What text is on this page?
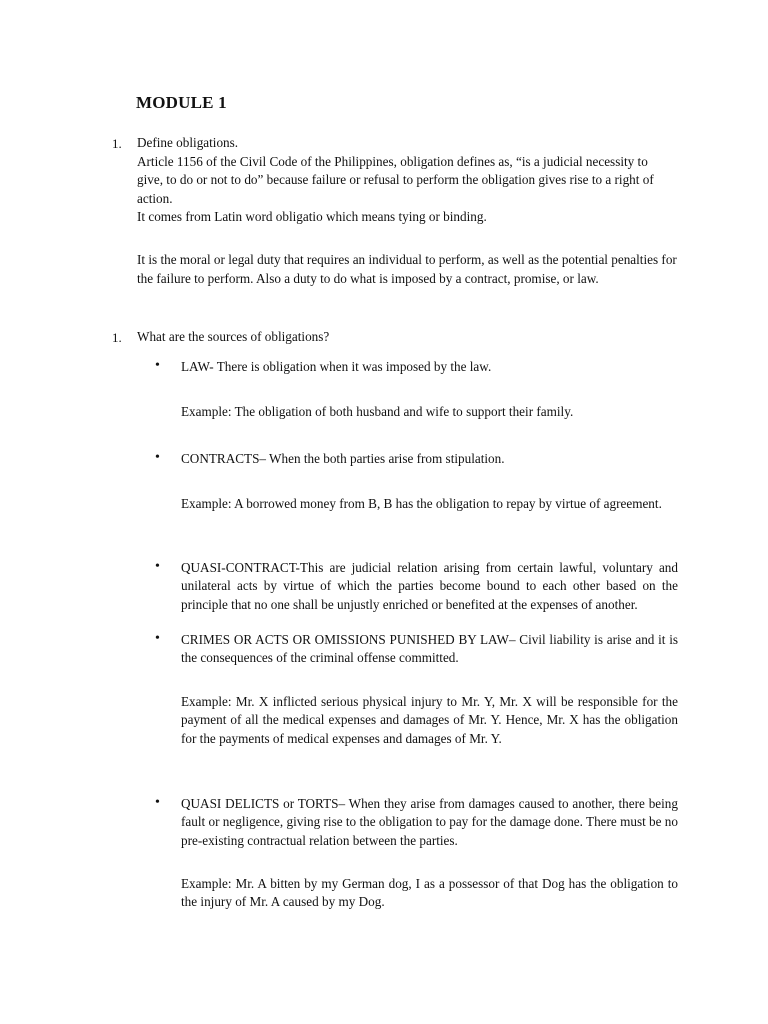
MODULE 1
1. Define obligations.

Article 1156 of the Civil Code of the Philippines, obligation defines as, “is a judicial necessity to give, to do or not to do” because failure or refusal to perform the obligation gives rise to a right of action.

It comes from Latin word obligatio which means tying or binding.

It is the moral or legal duty that requires an individual to perform, as well as the potential penalties for the failure to perform. Also a duty to do what is imposed by a contract, promise, or law.
1. What are the sources of obligations?
• LAW- There is obligation when it was imposed by the law.
Example: The obligation of both husband and wife to support their family.
• CONTRACTS– When the both parties arise from stipulation.
Example: A borrowed money from B, B has the obligation to repay by virtue of agreement.
• QUASI-CONTRACT-This are judicial relation arising from certain lawful, voluntary and unilateral acts by virtue of which the parties become bound to each other based on the principle that no one shall be unjustly enriched or benefited at the expenses of another.
• CRIMES OR ACTS OR OMISSIONS PUNISHED BY LAW– Civil liability is arise and it is the consequences of the criminal offense committed.
Example: Mr. X inflicted serious physical injury to Mr. Y, Mr. X will be responsible for the payment of all the medical expenses and damages of Mr. Y. Hence, Mr. X has the obligation for the payments of medical expenses and damages of Mr. Y.
• QUASI DELICTS or TORTS– When they arise from damages caused to another, there being fault or negligence, giving rise to the obligation to pay for the damage done. There must be no pre-existing contractual relation between the parties.
Example: Mr. A bitten by my German dog, I as a possessor of that Dog has the obligation to the injury of Mr. A caused by my Dog.
